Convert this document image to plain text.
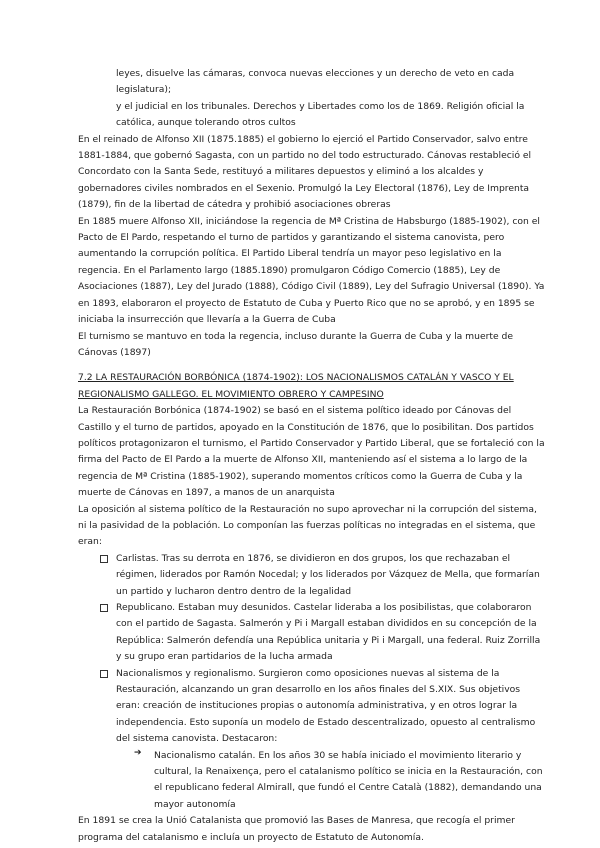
leyes, disuelve las cámaras, convoca nuevas elecciones y un derecho de veto en cada legislatura);

y el judicial en los tribunales. Derechos y Libertades como los de 1869. Religión oficial la católica, aunque tolerando otros cultos

En el reinado de Alfonso XII (1875.1885) el gobierno lo ejerció el Partido Conservador, salvo entre 1881-1884, que gobernó Sagasta, con un partido no del todo estructurado. Cánovas restableció el Concordato con la Santa Sede, restituyó a militares depuestos y eliminó a los alcaldes y gobernadores civiles nombrados en el Sexenio. Promulgó la Ley Electoral (1876), Ley de Imprenta (1879), fin de la libertad de cátedra y prohibió asociaciones obreras

En 1885 muere Alfonso XII, iniciándose la regencia de Mª Cristina de Habsburgo (1885-1902), con el Pacto de El Pardo, respetando el turno de partidos y garantizando el sistema canovista, pero aumentando la corrupción política. El Partido Liberal tendría un mayor peso legislativo en la regencia. En el Parlamento largo (1885.1890) promulgaron Código Comercio (1885), Ley de Asociaciones (1887), Ley del Jurado (1888), Código Civil (1889), Ley del Sufragio Universal (1890). Ya en 1893, elaboraron el proyecto de Estatuto de Cuba y Puerto Rico que no se aprobó, y en 1895 se iniciaba la insurrección que llevaría a la Guerra de Cuba

El turnismo se mantuvo en toda la regencia, incluso durante la Guerra de Cuba y la muerte de Cánovas (1897)

7.2 LA RESTAURACIÓN BORBÓNICA (1874-1902): LOS NACIONALISMOS CATALÁN Y VASCO Y EL REGIONALISMO GALLEGO. EL MOVIMIENTO OBRERO Y CAMPESINO

La Restauración Borbónica (1874-1902) se basó en el sistema político ideado por Cánovas del Castillo y el turno de partidos, apoyado en la Constitución de 1876, que lo posibilitan. Dos partidos políticos protagonizaron el turnismo, el Partido Conservador y Partido Liberal, que se fortaleció con la firma del Pacto de El Pardo a la muerte de Alfonso XII, manteniendo así el sistema a lo largo de la regencia de Mª Cristina (1885-1902), superando momentos críticos como la Guerra de Cuba y la muerte de Cánovas en 1897, a manos de un anarquista

La oposición al sistema político de la Restauración no supo aprovechar ni la corrupción del sistema, ni la pasividad de la población. Lo componían las fuerzas políticas no integradas en el sistema, que eran:

Carlistas. Tras su derrota en 1876, se dividieron en dos grupos, los que rechazaban el régimen, liderados por Ramón Nocedal; y los liderados por Vázquez de Mella, que formarían un partido y lucharon dentro dentro de la legalidad

Republicano. Estaban muy desunidos. Castelar lideraba a los posibilistas, que colaboraron con el partido de Sagasta. Salmerón y Pi i Margall estaban divididos en su concepción de la República: Salmerón defendía una República unitaria y Pi i Margall, una federal. Ruiz Zorrilla y su grupo eran partidarios de la lucha armada

Nacionalismos y regionalismo. Surgieron como oposiciones nuevas al sistema de la Restauración, alcanzando un gran desarrollo en los años finales del S.XIX. Sus objetivos eran: creación de instituciones propias o autonomía administrativa, y en otros lograr la independencia. Esto suponía un modelo de Estado descentralizado, opuesto al centralismo del sistema canovista. Destacaron:

➔ Nacionalismo catalán. En los años 30 se había iniciado el movimiento literario y cultural, la Renaixença, pero el catalanismo político se inicia en la Restauración, con el republicano federal Almirall, que fundó el Centre Català (1882), demandando una mayor autonomía

En 1891 se crea la Unió Catalanista que promovió las Bases de Manresa, que recogía el primer programa del catalanismo e incluía un proyecto de Estatuto de Autonomía.
